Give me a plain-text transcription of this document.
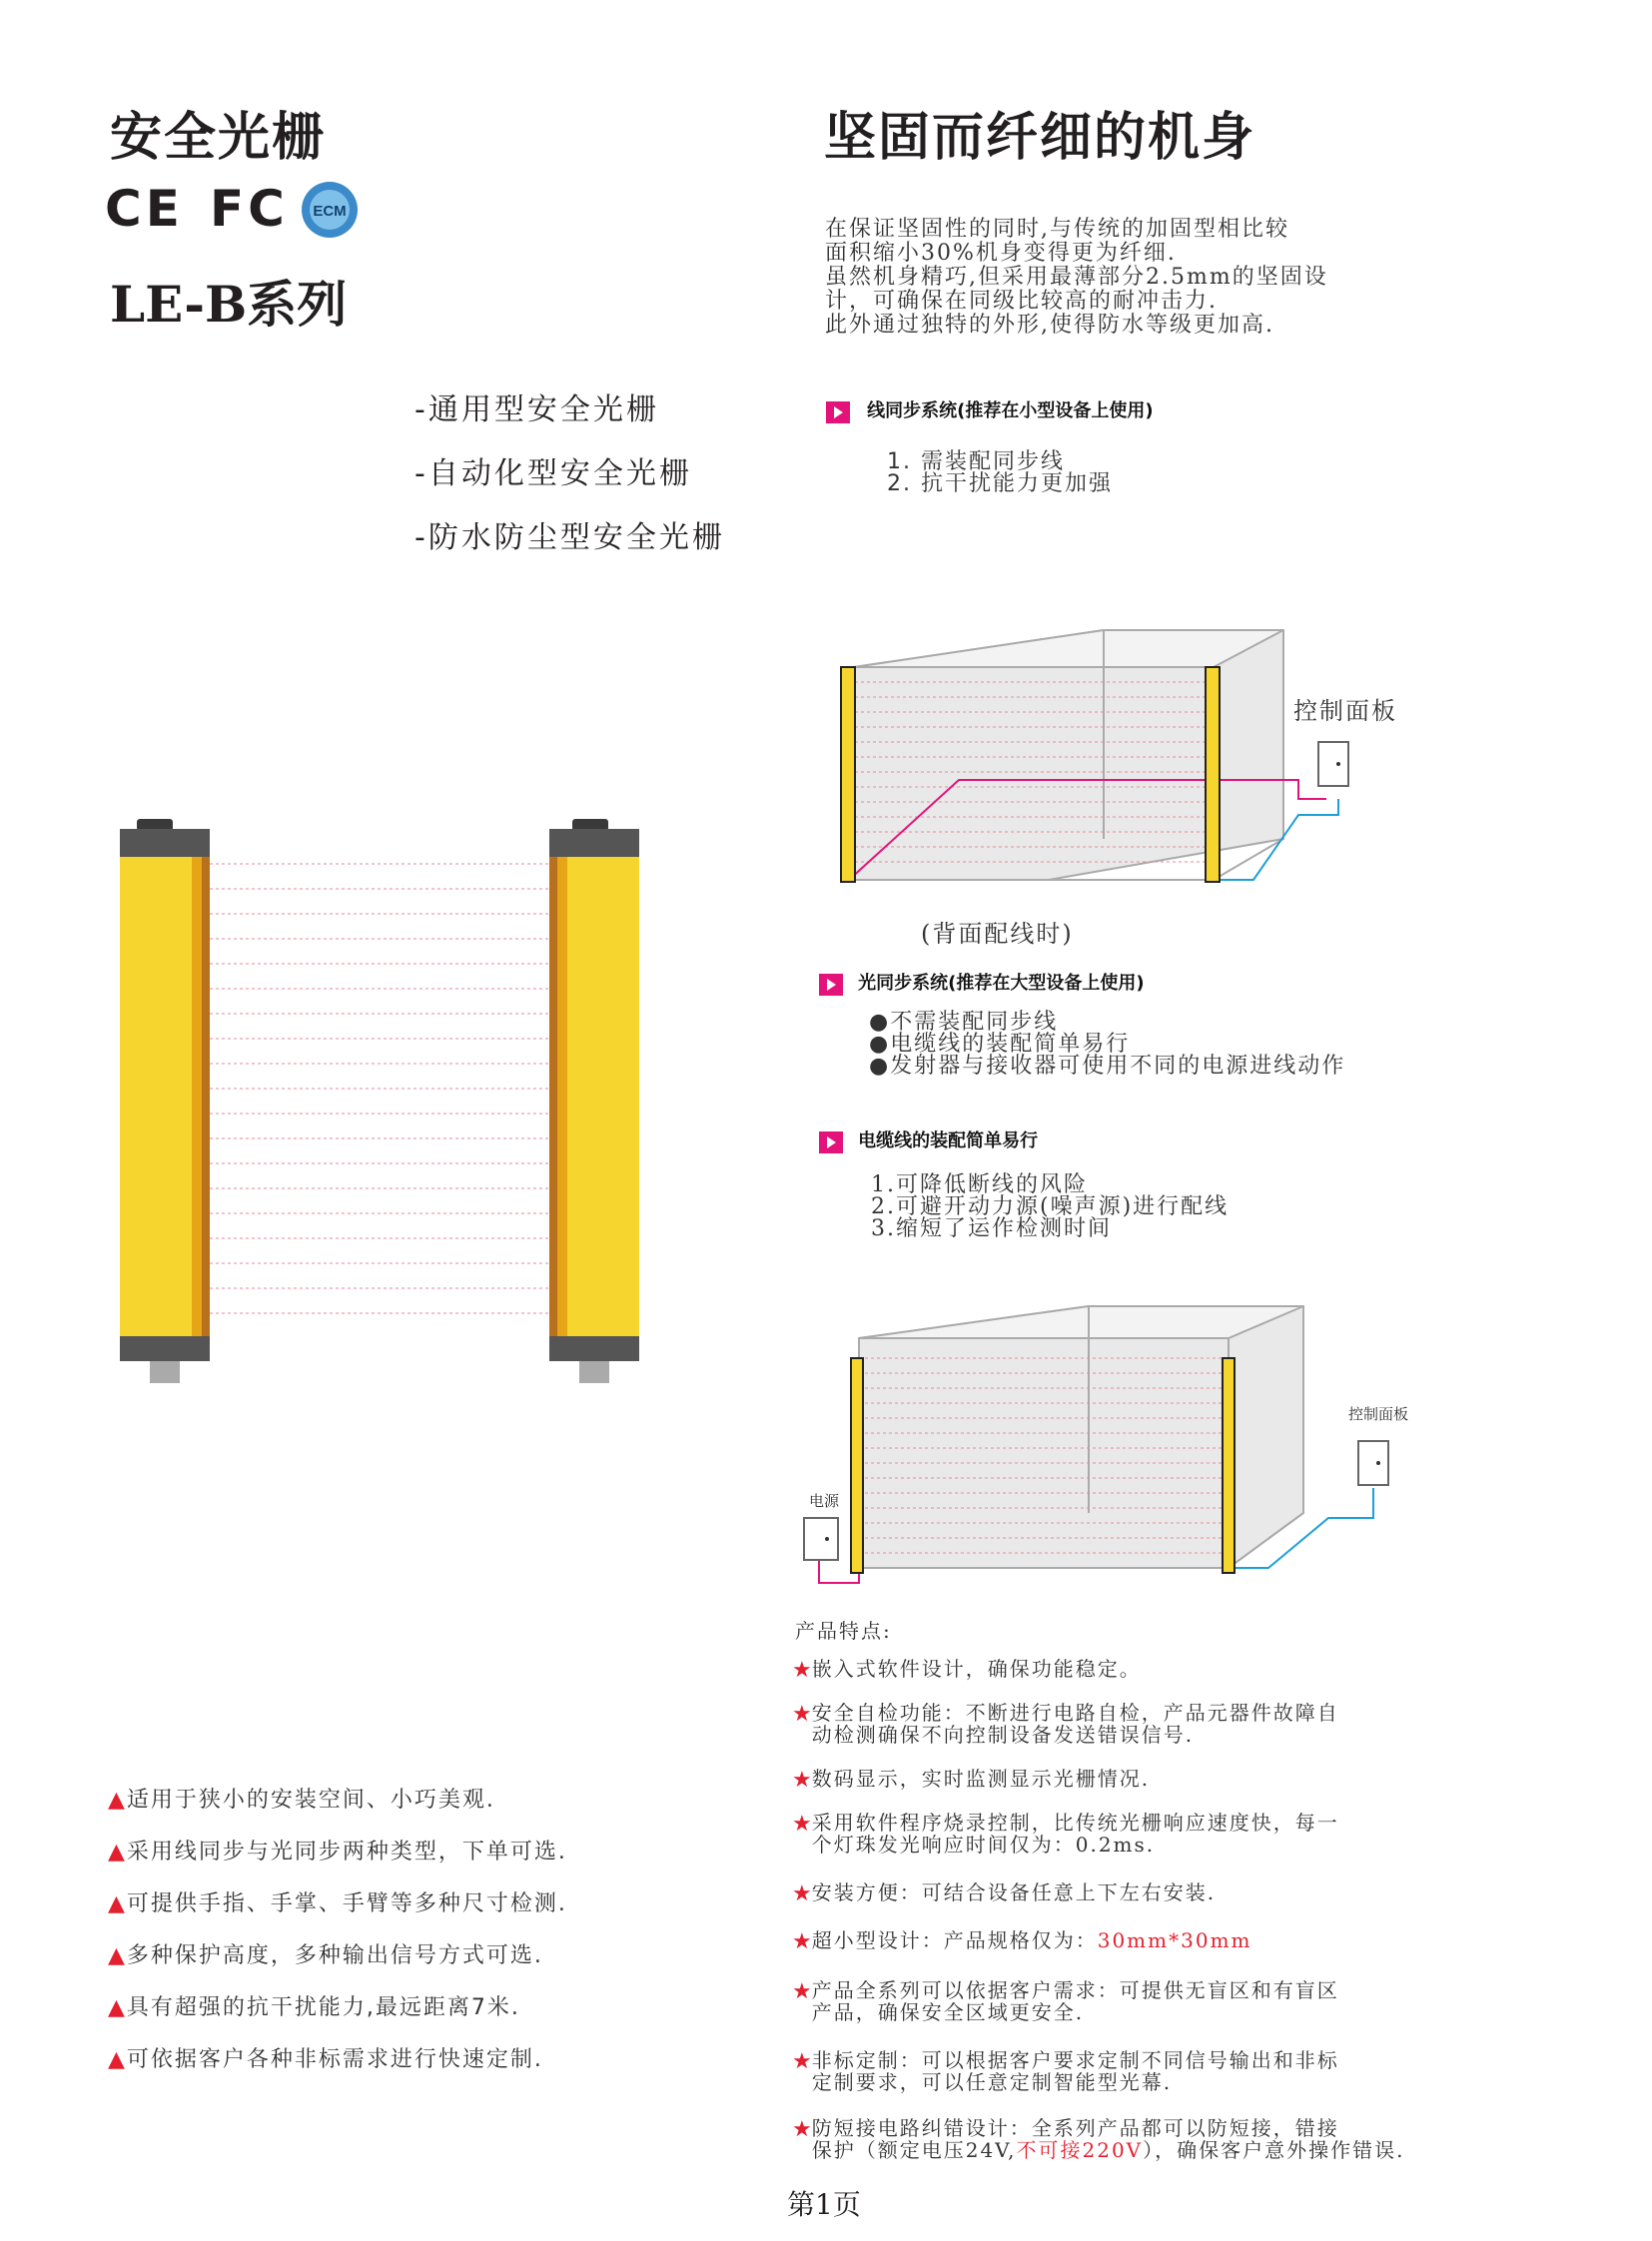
安全光栅
CE FC ECM
LE-B系列
-通用型安全光栅
-自动化型安全光栅
-防水防尘型安全光栅
▲适用于狭小的安装空间、小巧美观.
▲采用线同步与光同步两种类型，下单可选.
▲可提供手指、手掌、手臂等多种尺寸检测.
▲多种保护高度，多种输出信号方式可选.
▲具有超强的抗干扰能力,最远距离7米.
▲可依据客户各种非标需求进行快速定制.
坚固而纤细的机身
在保证坚固性的同时,与传统的加固型相比较
面积缩小30%机身变得更为纤细.
虽然机身精巧,但采用最薄部分2.5mm的坚固设
计，可确保在同级比较高的耐冲击力.
此外通过独特的外形,使得防水等级更加高.
线同步系统(推荐在小型设备上使用)
1. 需装配同步线
2. 抗干扰能力更加强
控制面板
(背面配线时)
光同步系统(推荐在大型设备上使用)
●不需装配同步线
●电缆线的装配简单易行
●发射器与接收器可使用不同的电源进线动作
电缆线的装配简单易行
1.可降低断线的风险
2.可避开动力源(噪声源)进行配线
3.缩短了运作检测时间
控制面板
电源
产品特点:
★ 嵌入式软件设计，确保功能稳定。
★ 安全自检功能：不断进行电路自检，产品元器件故障自
动检测确保不向控制设备发送错误信号.
★ 数码显示，实时监测显示光栅情况.
★ 采用软件程序烧录控制，比传统光栅响应速度快，每一
个灯珠发光响应时间仅为：0.2ms.
★ 安装方便：可结合设备任意上下左右安装.
★ 超小型设计：产品规格仅为：30mm*30mm
★ 产品全系列可以依据客户需求：可提供无盲区和有盲区
产品，确保安全区域更安全.
★ 非标定制：可以根据客户要求定制不同信号输出和非标
定制要求，可以任意定制智能型光幕.
★ 防短接电路纠错设计：全系列产品都可以防短接，错接
保护（额定电压24V,不可接220V），确保客户意外操作错误.
第1页
